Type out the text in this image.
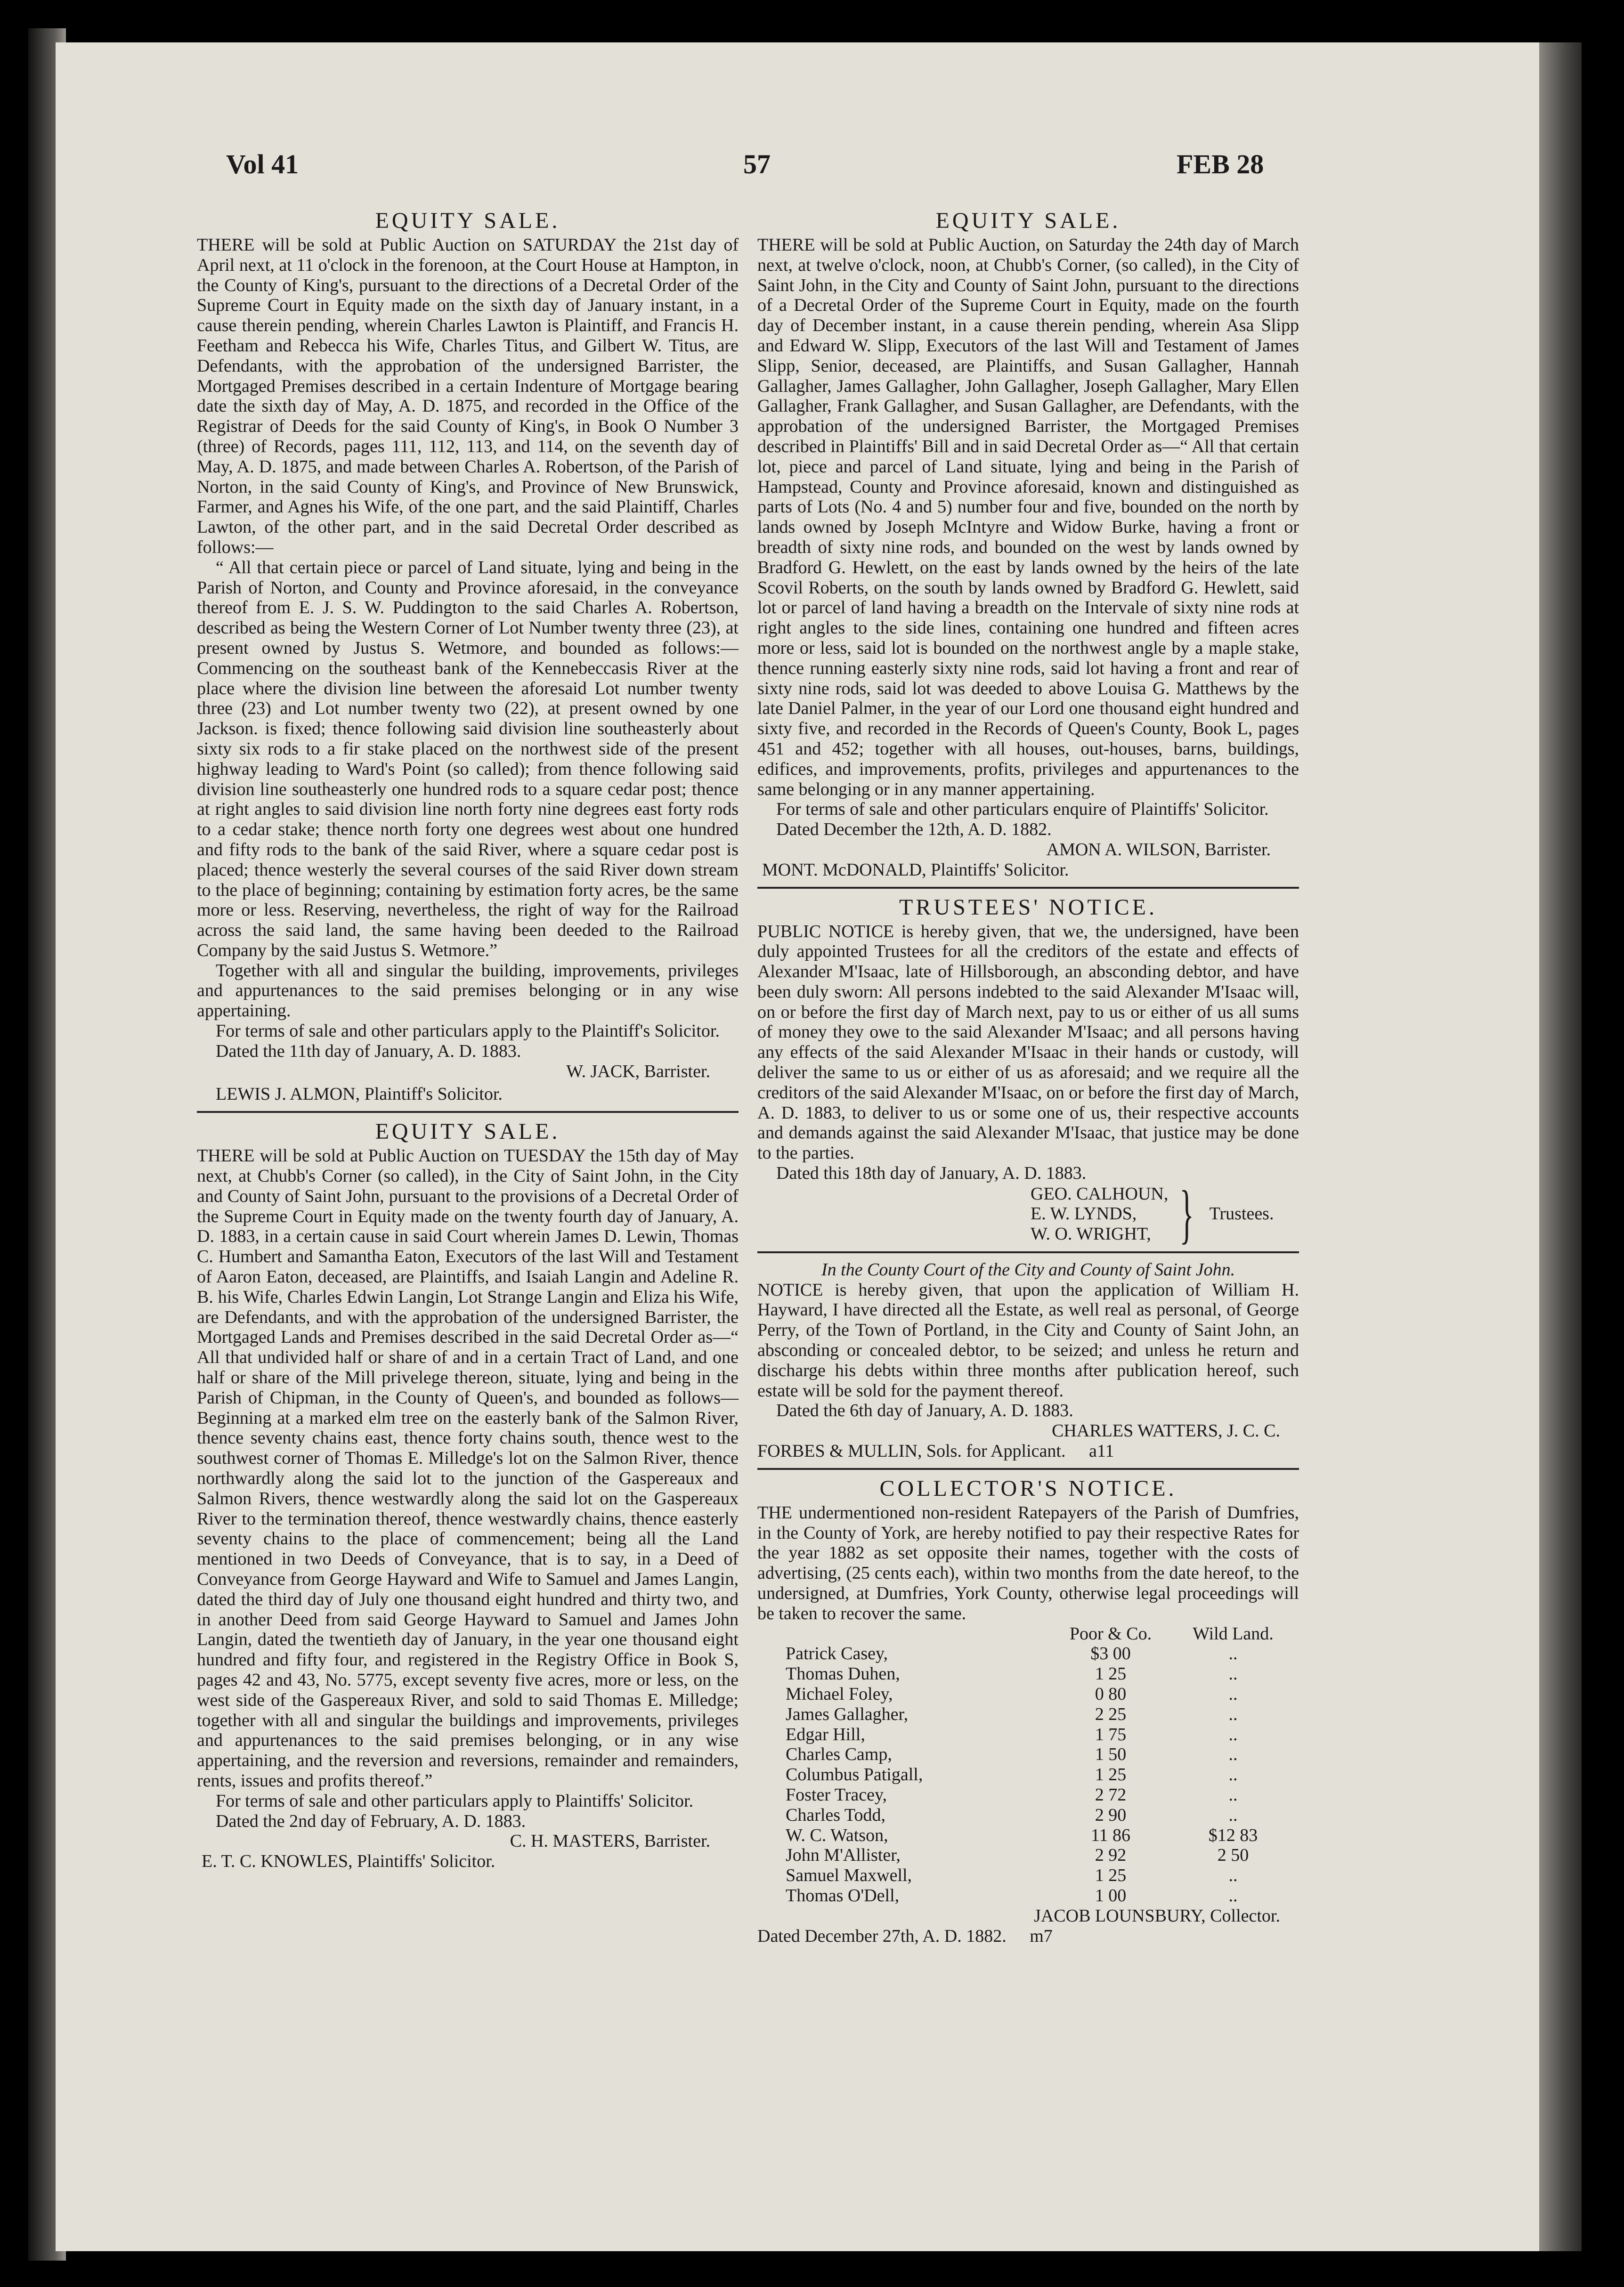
Vol 41	57	FEB 28
EQUITY SALE.

THERE will be sold at Public Auction on SATURDAY the 21st day of April next, at 11 o'clock in the forenoon, at the Court House at Hampton, in the County of King's, pursuant to the directions of a Decretal Order of the Supreme Court in Equity made on the sixth day of January instant, in a cause therein pending, wherein Charles Lawton is Plaintiff, and Francis H. Feetham and Rebecca his Wife, Charles Titus, and Gilbert W. Titus, are Defendants, with the approbation of the undersigned Barrister, the Mortgaged Premises described in a certain Indenture of Mortgage bearing date the sixth day of May, A. D. 1875, and recorded in the Office of the Registrar of Deeds for the said County of King's, in Book O Number 3 (three) of Records, pages 111, 112, 113, and 114, on the seventh day of May, A. D. 1875, and made between Charles A. Robertson, of the Parish of Norton, in the said County of King's, and Province of New Brunswick, Farmer, and Agnes his Wife, of the one part, and the said Plaintiff, Charles Lawton, of the other part, and in the said Decretal Order described as follows:—

“ All that certain piece or parcel of Land situate, lying and being in the Parish of Norton, and County and Province aforesaid, in the conveyance thereof from E. J. S. W. Puddington to the said Charles A. Robertson, described as being the Western Corner of Lot Number twenty three (23), at present owned by Justus S. Wetmore, and bounded as follows:—Commencing on the southeast bank of the Kennebeccasis River at the place where the division line between the aforesaid Lot number twenty three (23) and Lot number twenty two (22), at present owned by one Jackson. is fixed; thence following said division line southeasterly about sixty six rods to a fir stake placed on the northwest side of the present highway leading to Ward's Point (so called); from thence following said division line southeasterly one hundred rods to a square cedar post; thence at right angles to said division line north forty nine degrees east forty rods to a cedar stake; thence north forty one degrees west about one hundred and fifty rods to the bank of the said River, where a square cedar post is placed; thence westerly the several courses of the said River down stream to the place of beginning; containing by estimation forty acres, be the same more or less. Reserving, nevertheless, the right of way for the Railroad across the said land, the same having been deeded to the Railroad Company by the said Justus S. Wetmore.”

Together with all and singular the building, improvements, privileges and appurtenances to the said premises belonging or in any wise appertaining.

For terms of sale and other particulars apply to the Plaintiff's Solicitor.

Dated the 11th day of January, A. D. 1883.

W. JACK, Barrister.

LEWIS J. ALMON, Plaintiff's Solicitor.

EQUITY SALE.

THERE will be sold at Public Auction on TUESDAY the 15th day of May next, at Chubb's Corner (so called), in the City of Saint John, in the City and County of Saint John, pursuant to the provisions of a Decretal Order of the Supreme Court in Equity made on the twenty fourth day of January, A. D. 1883, in a certain cause in said Court wherein James D. Lewin, Thomas C. Humbert and Samantha Eaton, Executors of the last Will and Testament of Aaron Eaton, deceased, are Plaintiffs, and Isaiah Langin and Adeline R. B. his Wife, Charles Edwin Langin, Lot Strange Langin and Eliza his Wife, are Defendants, and with the approbation of the undersigned Barrister, the Mortgaged Lands and Premises described in the said Decretal Order as—“ All that undivided half or share of and in a certain Tract of Land, and one half or share of the Mill privelege thereon, situate, lying and being in the Parish of Chipman, in the County of Queen's, and bounded as follows—Beginning at a marked elm tree on the easterly bank of the Salmon River, thence seventy chains east, thence forty chains south, thence west to the southwest corner of Thomas E. Milledge's lot on the Salmon River, thence northwardly along the said lot to the junction of the Gaspereaux and Salmon Rivers, thence westwardly along the said lot on the Gaspereaux River to the termination thereof, thence westwardly chains, thence easterly seventy chains to the place of commencement; being all the Land mentioned in two Deeds of Conveyance, that is to say, in a Deed of Conveyance from George Hayward and Wife to Samuel and James Langin, dated the third day of July one thousand eight hundred and thirty two, and in another Deed from said George Hayward to Samuel and James John Langin, dated the twentieth day of January, in the year one thousand eight hundred and fifty four, and registered in the Registry Office in Book S, pages 42 and 43, No. 5775, except seventy five acres, more or less, on the west side of the Gaspereaux River, and sold to said Thomas E. Milledge; together with all and singular the buildings and improvements, privileges and appurtenances to the said premises belonging, or in any wise appertaining, and the reversion and reversions, remainder and remainders, rents, issues and profits thereof.”

For terms of sale and other particulars apply to Plaintiffs' Solicitor.

Dated the 2nd day of February, A. D. 1883.

C. H. MASTERS, Barrister.

E. T. C. KNOWLES, Plaintiffs' Solicitor.

EQUITY SALE.

THERE will be sold at Public Auction, on Saturday the 24th day of March next, at twelve o'clock, noon, at Chubb's Corner, (so called), in the City of Saint John, in the City and County of Saint John, pursuant to the directions of a Decretal Order of the Supreme Court in Equity, made on the fourth day of December instant, in a cause therein pending, wherein Asa Slipp and Edward W. Slipp, Executors of the last Will and Testament of James Slipp, Senior, deceased, are Plaintiffs, and Susan Gallagher, Hannah Gallagher, James Gallagher, John Gallagher, Joseph Gallagher, Mary Ellen Gallagher, Frank Gallagher, and Susan Gallagher, are Defendants, with the approbation of the undersigned Barrister, the Mortgaged Premises described in Plaintiffs' Bill and in said Decretal Order as—“ All that certain lot, piece and parcel of Land situate, lying and being in the Parish of Hampstead, County and Province aforesaid, known and distinguished as parts of Lots (No. 4 and 5) number four and five, bounded on the north by lands owned by Joseph McIntyre and Widow Burke, having a front or breadth of sixty nine rods, and bounded on the west by lands owned by Bradford G. Hewlett, on the east by lands owned by the heirs of the late Scovil Roberts, on the south by lands owned by Bradford G. Hewlett, said lot or parcel of land having a breadth on the Intervale of sixty nine rods at right angles to the side lines, containing one hundred and fifteen acres more or less, said lot is bounded on the northwest angle by a maple stake, thence running easterly sixty nine rods, said lot having a front and rear of sixty nine rods, said lot was deeded to above Louisa G. Matthews by the late Daniel Palmer, in the year of our Lord one thousand eight hundred and sixty five, and recorded in the Records of Queen's County, Book L, pages 451 and 452; together with all houses, out-houses, barns, buildings, edifices, and improvements, profits, privileges and appurtenances to the same belonging or in any manner appertaining.

For terms of sale and other particulars enquire of Plaintiffs' Solicitor.

Dated December the 12th, A. D. 1882.

AMON A. WILSON, Barrister.

MONT. McDONALD, Plaintiffs' Solicitor.

TRUSTEES' NOTICE.

PUBLIC NOTICE is hereby given, that we, the undersigned, have been duly appointed Trustees for all the creditors of the estate and effects of Alexander M'Isaac, late of Hillsborough, an absconding debtor, and have been duly sworn: All persons indebted to the said Alexander M'Isaac will, on or before the first day of March next, pay to us or either of us all sums of money they owe to the said Alexander M'Isaac; and all persons having any effects of the said Alexander M'Isaac in their hands or custody, will deliver the same to us or either of us as aforesaid; and we require all the creditors of the said Alexander M'Isaac, on or before the first day of March, A. D. 1883, to deliver to us or some one of us, their respective accounts and demands against the said Alexander M'Isaac, that justice may be done to the parties.

Dated this 18th day of January, A. D. 1883.

GEO. CALHOUN,
E. W. LYNDS,
W. O. WRIGHT, } Trustees.

In the County Court of the City and County of Saint John.

NOTICE is hereby given, that upon the application of William H. Hayward, I have directed all the Estate, as well real as personal, of George Perry, of the Town of Portland, in the City and County of Saint John, an absconding or concealed debtor, to be seized; and unless he return and discharge his debts within three months after publication hereof, such estate will be sold for the payment thereof.

Dated the 6th day of January, A. D. 1883.

CHARLES WATTERS, J. C. C.

FORBES & MULLIN, Sols. for Applicant. a11

COLLECTOR'S NOTICE.

THE undermentioned non-resident Ratepayers of the Parish of Dumfries, in the County of York, are hereby notified to pay their respective Rates for the year 1882 as set opposite their names, together with the costs of advertising, (25 cents each), within two months from the date hereof, to the undersigned, at Dumfries, York County, otherwise legal proceedings will be taken to recover the same.

	Poor & Co.	Wild Land.
Patrick Casey,	$3 00	..
Thomas Duhen,	1 25	..
Michael Foley,	0 80	..
James Gallagher,	2 25	..
Edgar Hill,	1 75	..
Charles Camp,	1 50	..
Columbus Patigall,	1 25	..
Foster Tracey,	2 72	..
Charles Todd,	2 90	..
W. C. Watson,	11 86	$12 83
John M'Allister,	2 92	2 50
Samuel Maxwell,	1 25	..
Thomas O'Dell,	1 00	..

JACOB LOUNSBURY, Collector.

Dated December 27th, A. D. 1882. m7
